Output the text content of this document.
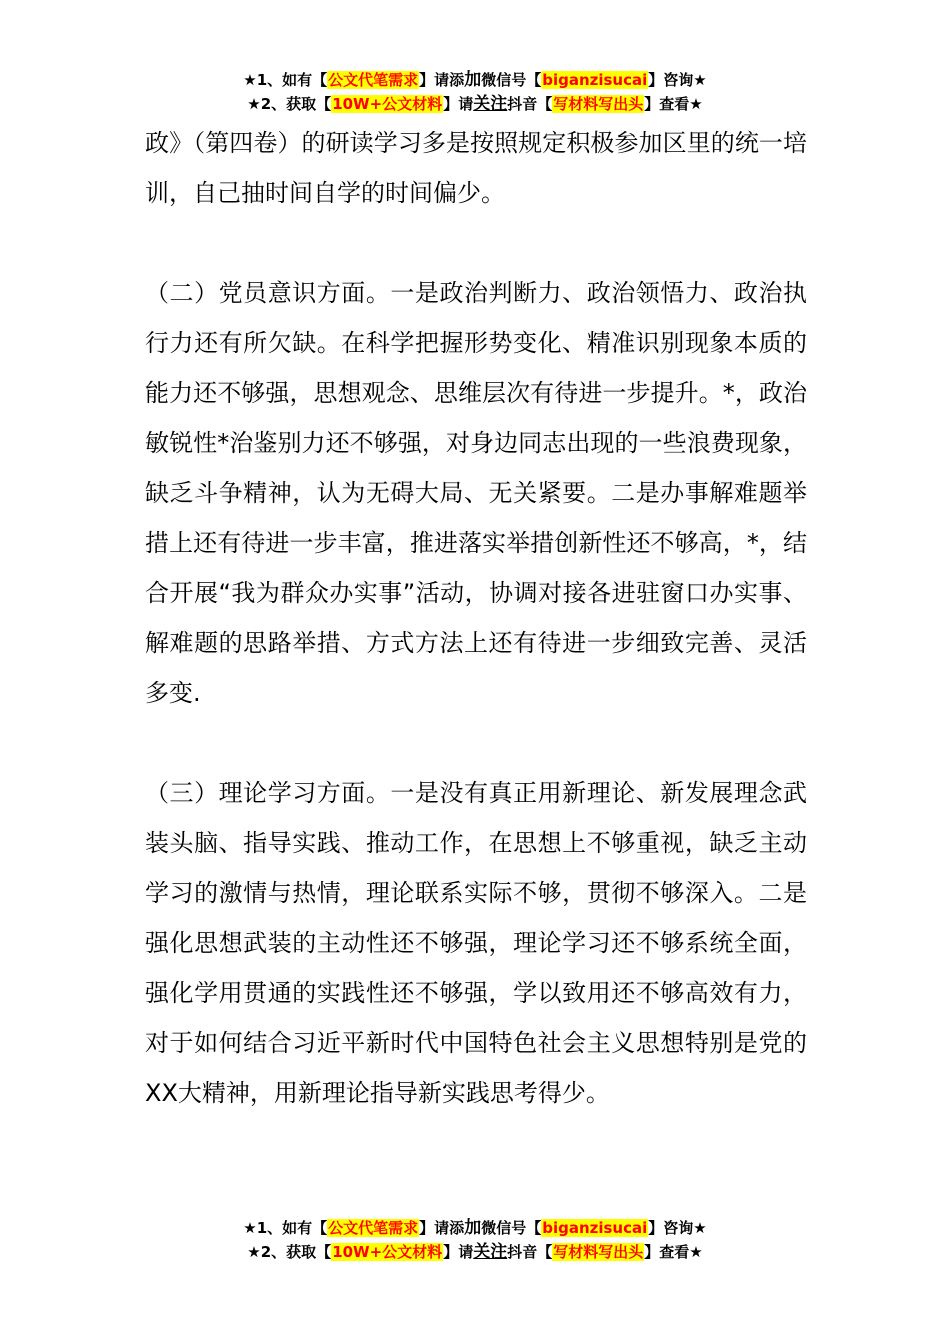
★1、如有【公文代笔需求】请添加微信号【biganzisucai】咨询★
★2、获取【10W+公文材料】请关注抖音【写材料写出头】查看★

政》（第四卷）的研读学习多是按照规定积极参加区里的统一培训，自己抽时间自学的时间偏少。

（二）党员意识方面。一是政治判断力、政治领悟力、政治执行力还有所欠缺。在科学把握形势变化、精准识别现象本质的能力还不够强，思想观念、思维层次有待进一步提升。*，政治敏锐性*治鉴别力还不够强，对身边同志出现的一些浪费现象，缺乏斗争精神，认为无碍大局、无关紧要。二是办事解难题举措上还有待进一步丰富，推进落实举措创新性还不够高，*，结合开展“我为群众办实事”活动，协调对接各进驻窗口办实事、解难题的思路举措、方式方法上还有待进一步细致完善、灵活多变.

（三）理论学习方面。一是没有真正用新理论、新发展理念武装头脑、指导实践、推动工作，在思想上不够重视，缺乏主动学习的激情与热情，理论联系实际不够，贯彻不够深入。二是强化思想武装的主动性还不够强，理论学习还不够系统全面，强化学用贯通的实践性还不够强，学以致用还不够高效有力，对于如何结合习近平新时代中国特色社会主义思想特别是党的XX大精神，用新理论指导新实践思考得少。

★1、如有【公文代笔需求】请添加微信号【biganzisucai】咨询★
★2、获取【10W+公文材料】请关注抖音【写材料写出头】查看★
